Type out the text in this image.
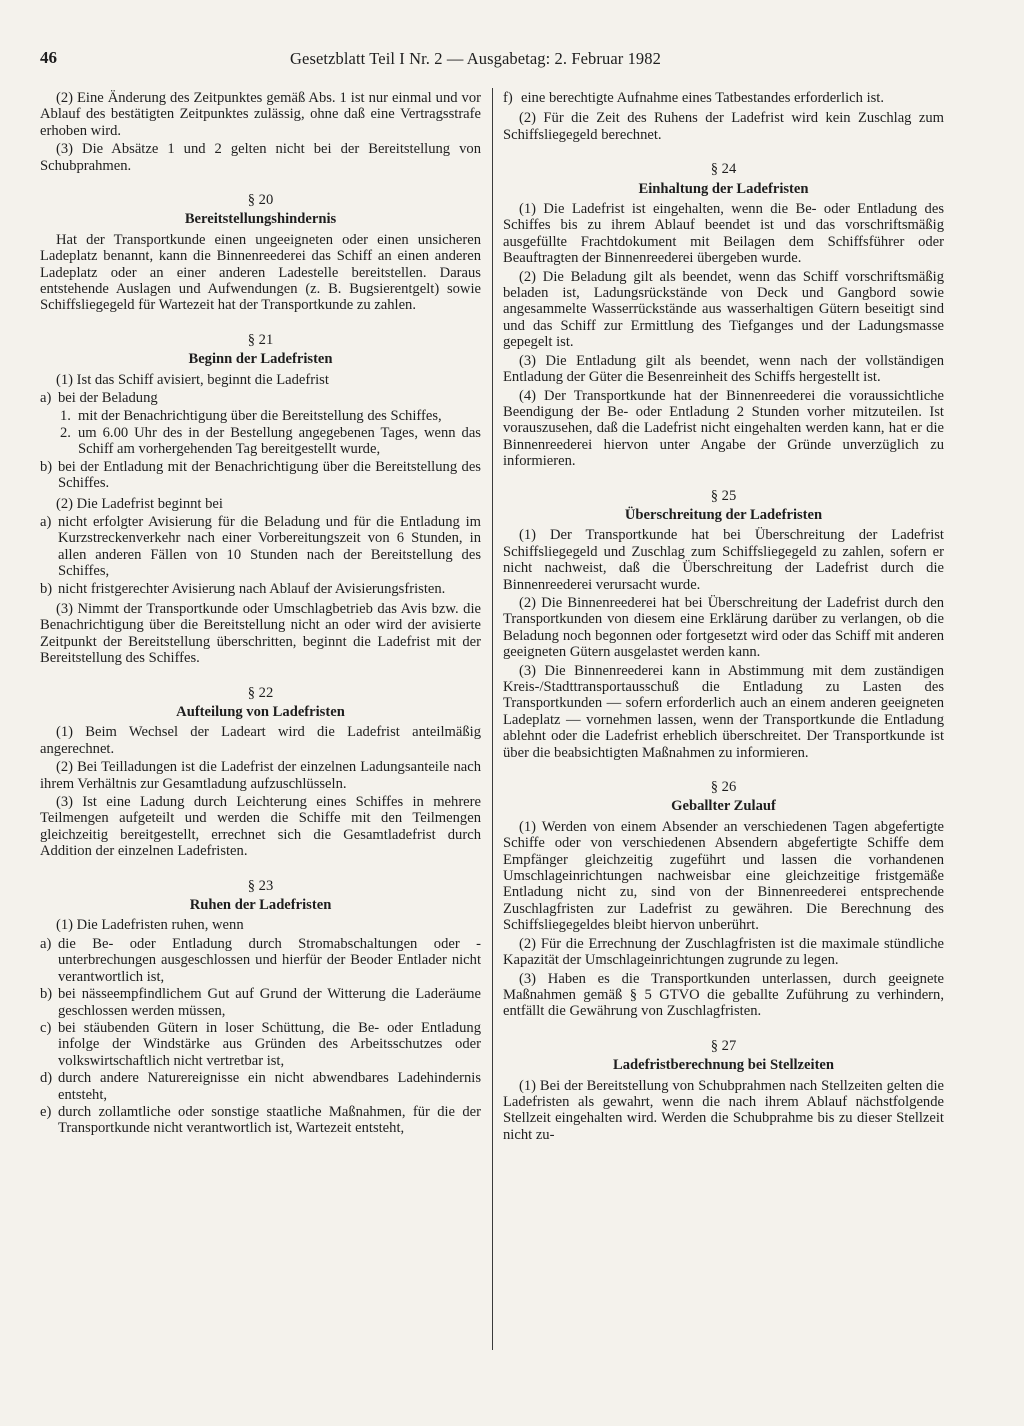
46	Gesetzblatt Teil I Nr. 2 — Ausgabetag: 2. Februar 1982

(2) Eine Änderung des Zeitpunktes gemäß Abs. 1 ist nur einmal und vor Ablauf des bestätigten Zeitpunktes zulässig, ohne daß eine Vertragsstrafe erhoben wird.

(3) Die Absätze 1 und 2 gelten nicht bei der Bereitstellung von Schubprahmen.

§ 20
Bereitstellungshindernis

Hat der Transportkunde einen ungeeigneten oder einen unsicheren Ladeplatz benannt, kann die Binnenreederei das Schiff an einen anderen Ladeplatz oder an einer anderen Ladestelle bereitstellen. Daraus entstehende Auslagen und Aufwendungen (z. B. Bugsierentgelt) sowie Schiffsliegegeld für Wartezeit hat der Transportkunde zu zahlen.

§ 21
Beginn der Ladefristen

(1) Ist das Schiff avisiert, beginnt die Ladefrist

a) bei der Beladung
1. mit der Benachrichtigung über die Bereitstellung des Schiffes,
2. um 6.00 Uhr des in der Bestellung angegebenen Tages, wenn das Schiff am vorhergehenden Tag bereitgestellt wurde,
b) bei der Entladung mit der Benachrichtigung über die Bereitstellung des Schiffes.

(2) Die Ladefrist beginnt bei

a) nicht erfolgter Avisierung für die Beladung und für die Entladung im Kurzstreckenverkehr nach einer Vorbereitungszeit von 6 Stunden, in allen anderen Fällen von 10 Stunden nach der Bereitstellung des Schiffes,
b) nicht fristgerechter Avisierung nach Ablauf der Avisierungsfristen.

(3) Nimmt der Transportkunde oder Umschlagbetrieb das Avis bzw. die Benachrichtigung über die Bereitstellung nicht an oder wird der avisierte Zeitpunkt der Bereitstellung überschritten, beginnt die Ladefrist mit der Bereitstellung des Schiffes.

§ 22
Aufteilung von Ladefristen

(1) Beim Wechsel der Ladeart wird die Ladefrist anteilmäßig angerechnet.

(2) Bei Teilladungen ist die Ladefrist der einzelnen Ladungsanteile nach ihrem Verhältnis zur Gesamtladung aufzuschlüsseln.

(3) Ist eine Ladung durch Leichterung eines Schiffes in mehrere Teilmengen aufgeteilt und werden die Schiffe mit den Teilmengen gleichzeitig bereitgestellt, errechnet sich die Gesamtladefrist durch Addition der einzelnen Ladefristen.

§ 23
Ruhen der Ladefristen

(1) Die Ladefristen ruhen, wenn

a) die Be- oder Entladung durch Stromabschaltungen oder -unterbrechungen ausgeschlossen und hierfür der Beoder Entlader nicht verantwortlich ist,
b) bei nässeempfindlichem Gut auf Grund der Witterung die Laderäume geschlossen werden müssen,
c) bei stäubenden Gütern in loser Schüttung, die Be- oder Entladung infolge der Windstärke aus Gründen des Arbeitsschutzes oder volkswirtschaftlich nicht vertretbar ist,
d) durch andere Naturereignisse ein nicht abwendbares Ladehindernis entsteht,
e) durch zollamtliche oder sonstige staatliche Maßnahmen, für die der Transportkunde nicht verantwortlich ist, Wartezeit entsteht,
f) eine berechtigte Aufnahme eines Tatbestandes erforderlich ist.

(2) Für die Zeit des Ruhens der Ladefrist wird kein Zuschlag zum Schiffsliegegeld berechnet.

§ 24
Einhaltung der Ladefristen

(1) Die Ladefrist ist eingehalten, wenn die Be- oder Entladung des Schiffes bis zu ihrem Ablauf beendet ist und das vorschriftsmäßig ausgefüllte Frachtdokument mit Beilagen dem Schiffsführer oder Beauftragten der Binnenreederei übergeben wurde.

(2) Die Beladung gilt als beendet, wenn das Schiff vorschriftsmäßig beladen ist, Ladungsrückstände von Deck und Gangbord sowie angesammelte Wasserrückstände aus wasserhaltigen Gütern beseitigt sind und das Schiff zur Ermittlung des Tiefganges und der Ladungsmasse gepegelt ist.

(3) Die Entladung gilt als beendet, wenn nach der vollständigen Entladung der Güter die Besenreinheit des Schiffs hergestellt ist.

(4) Der Transportkunde hat der Binnenreederei die voraussichtliche Beendigung der Be- oder Entladung 2 Stunden vorher mitzuteilen. Ist vorauszusehen, daß die Ladefrist nicht eingehalten werden kann, hat er die Binnenreederei hiervon unter Angabe der Gründe unverzüglich zu informieren.

§ 25
Überschreitung der Ladefristen

(1) Der Transportkunde hat bei Überschreitung der Ladefrist Schiffsliegegeld und Zuschlag zum Schiffsliegegeld zu zahlen, sofern er nicht nachweist, daß die Überschreitung der Ladefrist durch die Binnenreederei verursacht wurde.

(2) Die Binnenreederei hat bei Überschreitung der Ladefrist durch den Transportkunden von diesem eine Erklärung darüber zu verlangen, ob die Beladung noch begonnen oder fortgesetzt wird oder das Schiff mit anderen geeigneten Gütern ausgelastet werden kann.

(3) Die Binnenreederei kann in Abstimmung mit dem zuständigen Kreis-/Stadttransportausschuß die Entladung zu Lasten des Transportkunden — sofern erforderlich auch an einem anderen geeigneten Ladeplatz — vornehmen lassen, wenn der Transportkunde die Entladung ablehnt oder die Ladefrist erheblich überschreitet. Der Transportkunde ist über die beabsichtigten Maßnahmen zu informieren.

§ 26
Geballter Zulauf

(1) Werden von einem Absender an verschiedenen Tagen abgefertigte Schiffe oder von verschiedenen Absendern abgefertigte Schiffe dem Empfänger gleichzeitig zugeführt und lassen die vorhandenen Umschlageinrichtungen nachweisbar eine gleichzeitige fristgemäße Entladung nicht zu, sind von der Binnenreederei entsprechende Zuschlagfristen zur Ladefrist zu gewähren. Die Berechnung des Schiffsliegegeldes bleibt hiervon unberührt.

(2) Für die Errechnung der Zuschlagfristen ist die maximale stündliche Kapazität der Umschlageinrichtungen zugrunde zu legen.

(3) Haben es die Transportkunden unterlassen, durch geeignete Maßnahmen gemäß § 5 GTVO die geballte Zuführung zu verhindern, entfällt die Gewährung von Zuschlagfristen.

§ 27
Ladefristberechnung bei Stellzeiten

(1) Bei der Bereitstellung von Schubprahmen nach Stellzeiten gelten die Ladefristen als gewahrt, wenn die nach ihrem Ablauf nächstfolgende Stellzeit eingehalten wird. Werden die Schubprahme bis zu dieser Stellzeit nicht zu-
